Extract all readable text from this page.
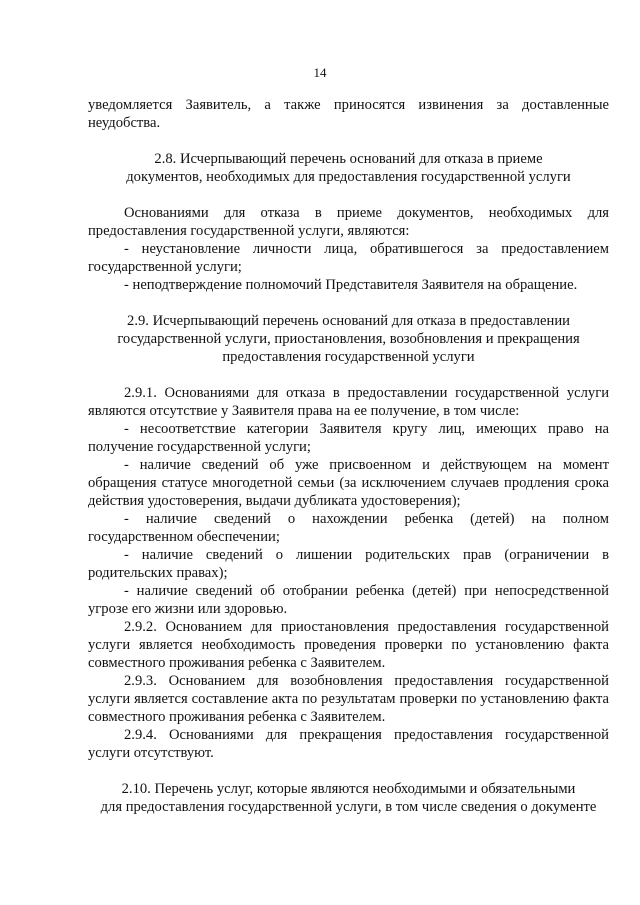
14
уведомляется Заявитель, а также приносятся извинения за доставленные
неудобства.
2.8. Исчерпывающий перечень оснований для отказа в приеме
документов, необходимых для предоставления государственной услуги
Основаниями для отказа в приеме документов, необходимых для
предоставления государственной услуги, являются:
- неустановление личности лица, обратившегося за предоставлением
государственной услуги;
- неподтверждение полномочий Представителя Заявителя на обращение.
2.9. Исчерпывающий перечень оснований для отказа в предоставлении
государственной услуги, приостановления, возобновления и прекращения
предоставления государственной услуги
2.9.1. Основаниями для отказа в предоставлении государственной услуги
являются отсутствие у Заявителя права на ее получение, в том числе:
- несоответствие категории Заявителя кругу лиц, имеющих право на
получение государственной услуги;
- наличие сведений об уже присвоенном и действующем на момент
обращения статусе многодетной семьи (за исключением случаев продления срока
действия удостоверения, выдачи дубликата удостоверения);
- наличие сведений о нахождении ребенка (детей) на полном
государственном обеспечении;
- наличие сведений о лишении родительских прав (ограничении в
родительских правах);
- наличие сведений об отобрании ребенка (детей) при непосредственной
угрозе его жизни или здоровью.
2.9.2. Основанием для приостановления предоставления государственной
услуги является необходимость проведения проверки по установлению факта
совместного проживания ребенка с Заявителем.
2.9.3. Основанием для возобновления предоставления государственной
услуги является составление акта по результатам проверки по установлению факта
совместного проживания ребенка с Заявителем.
2.9.4. Основаниями для прекращения предоставления государственной
услуги отсутствуют.
2.10. Перечень услуг, которые являются необходимыми и обязательными
для предоставления государственной услуги, в том числе сведения о документе
